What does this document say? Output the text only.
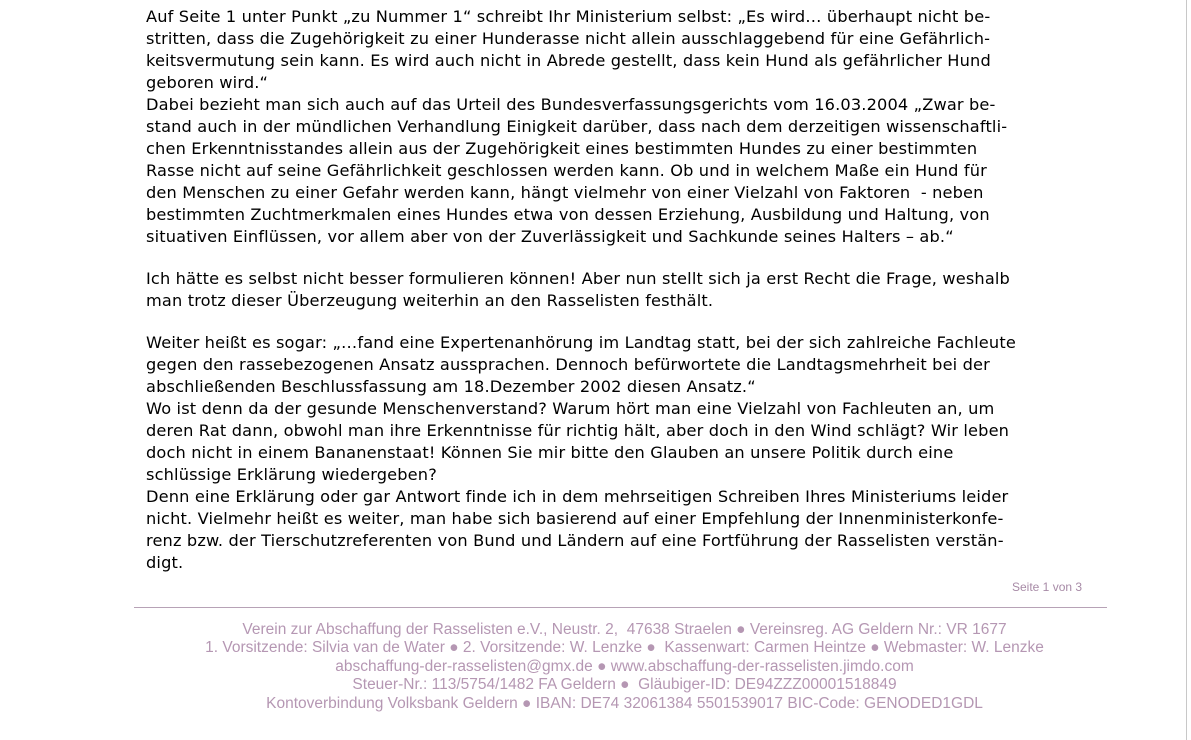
Auf Seite 1 unter Punkt „zu Nummer 1“ schreibt Ihr Ministerium selbst: „Es wird… überhaupt nicht be-
stritten, dass die Zugehörigkeit zu einer Hunderasse nicht allein ausschlaggebend für eine Gefährlich-
keitsvermutung sein kann. Es wird auch nicht in Abrede gestellt, dass kein Hund als gefährlicher Hund
geboren wird.“
Dabei bezieht man sich auch auf das Urteil des Bundesverfassungsgerichts vom 16.03.2004 „Zwar be-
stand auch in der mündlichen Verhandlung Einigkeit darüber, dass nach dem derzeitigen wissenschaftli-
chen Erkenntnisstandes allein aus der Zugehörigkeit eines bestimmten Hundes zu einer bestimmten
Rasse nicht auf seine Gefährlichkeit geschlossen werden kann. Ob und in welchem Maße ein Hund für
den Menschen zu einer Gefahr werden kann, hängt vielmehr von einer Vielzahl von Faktoren  - neben
bestimmten Zuchtmerkmalen eines Hundes etwa von dessen Erziehung, Ausbildung und Haltung, von
situativen Einflüssen, vor allem aber von der Zuverlässigkeit und Sachkunde seines Halters – ab.“
Ich hätte es selbst nicht besser formulieren können! Aber nun stellt sich ja erst Recht die Frage, weshalb
man trotz dieser Überzeugung weiterhin an den Rasselisten festhält.
Weiter heißt es sogar: „…fand eine Expertenanhörung im Landtag statt, bei der sich zahlreiche Fachleute
gegen den rassebezogenen Ansatz aussprachen. Dennoch befürwortete die Landtagsmehrheit bei der
abschließenden Beschlussfassung am 18.Dezember 2002 diesen Ansatz.“
Wo ist denn da der gesunde Menschenverstand? Warum hört man eine Vielzahl von Fachleuten an, um
deren Rat dann, obwohl man ihre Erkenntnisse für richtig hält, aber doch in den Wind schlägt? Wir leben
doch nicht in einem Bananenstaat! Können Sie mir bitte den Glauben an unsere Politik durch eine
schlüssige Erklärung wiedergeben?
Denn eine Erklärung oder gar Antwort finde ich in dem mehrseitigen Schreiben Ihres Ministeriums leider
nicht. Vielmehr heißt es weiter, man habe sich basierend auf einer Empfehlung der Innenministerkonfe-
renz bzw. der Tierschutzreferenten von Bund und Ländern auf eine Fortführung der Rasselisten verstän-
digt.
Seite 1 von 3
Verein zur Abschaffung der Rasselisten e.V., Neustr. 2,  47638 Straelen ● Vereinsreg. AG Geldern Nr.: VR 1677
1. Vorsitzende: Silvia van de Water ● 2. Vorsitzende: W. Lenzke ●  Kassenwart: Carmen Heintze ● Webmaster: W. Lenzke
abschaffung-der-rasselisten@gmx.de ● www.abschaffung-der-rasselisten.jimdo.com
Steuer-Nr.: 113/5754/1482 FA Geldern ●  Gläubiger-ID: DE94ZZZ00001518849
Kontoverbindung Volksbank Geldern ● IBAN: DE74 32061384 5501539017 BIC-Code: GENODED1GDL
